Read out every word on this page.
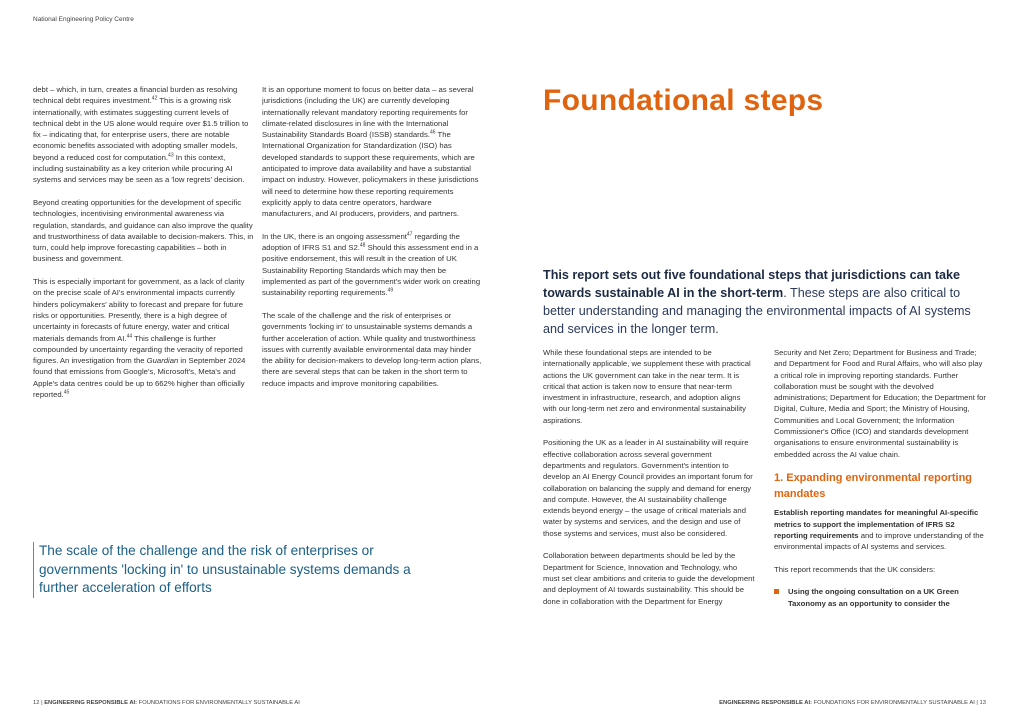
National Engineering Policy Centre

debt – which, in turn, creates a financial burden as resolving technical debt requires investment.$^{42}$ This is a growing risk internationally, with estimates suggesting current levels of technical debt in the US alone would require over $1.5 trillion to fix – indicating that, for enterprise users, there are notable economic benefits associated with adopting smaller models, beyond a reduced cost for computation.$^{43}$ In this context, including sustainability as a key criterion while procuring AI systems and services may be seen as a 'low regrets' decision.

Beyond creating opportunities for the development of specific technologies, incentivising environmental awareness via regulation, standards, and guidance can also improve the quality and trustworthiness of data available to decision-makers. This, in turn, could help improve forecasting capabilities – both in business and government.

This is especially important for government, as a lack of clarity on the precise scale of AI's environmental impacts currently hinders policymakers' ability to forecast and prepare for future risks or opportunities. Presently, there is a high degree of uncertainty in forecasts of future energy, water and critical materials demands from AI.$^{44}$ This challenge is further compounded by uncertainty regarding the veracity of reported figures. An investigation from the Guardian in September 2024 found that emissions from Google's, Microsoft's, Meta's and Apple's data centres could be up to 662% higher than officially reported.$^{45}$

It is an opportune moment to focus on better data – as several jurisdictions (including the UK) are currently developing internationally relevant mandatory reporting requirements for climate-related disclosures in line with the International Sustainability Standards Board (ISSB) standards.$^{46}$ The International Organization for Standardization (ISO) has developed standards to support these requirements, which are anticipated to improve data availability and have a substantial impact on industry. However, policymakers in these jurisdictions will need to determine how these reporting requirements explicitly apply to data centre operators, hardware manufacturers, and AI producers, providers, and partners.

In the UK, there is an ongoing assessment$^{47}$ regarding the adoption of IFRS S1 and S2.48 Should this assessment end in a positive endorsement, this will result in the creation of UK Sustainability Reporting Standards which may then be implemented as part of the government's wider work on creating sustainability reporting requirements.$^{49}$

The scale of the challenge and the risk of enterprises or governments 'locking in' to unsustainable systems demands a further acceleration of action. While quality and trustworthiness issues with currently available environmental data may hinder the ability for decision-makers to develop long-term action plans, there are several steps that can be taken in the short term to reduce impacts and improve monitoring capabilities.

The scale of the challenge and the risk of enterprises or governments 'locking in' to unsustainable systems demands a further acceleration of efforts
12 | ENGINEERING RESPONSIBLE AI: FOUNDATIONS FOR ENVIRONMENTALLY SUSTAINABLE AI
Foundational steps
This report sets out five foundational steps that jurisdictions can take towards sustainable AI in the short-term. These steps are also critical to better understanding and managing the environmental impacts of AI systems and services in the longer term.

While these foundational steps are intended to be internationally applicable, we supplement these with practical actions the UK government can take in the near term. It is critical that action is taken now to ensure that near-term investment in infrastructure, research, and adoption aligns with our long-term net zero and environmental sustainability aspirations.

Positioning the UK as a leader in AI sustainability will require effective collaboration across several government departments and regulators. Government's intention to develop an AI Energy Council provides an important forum for collaboration on balancing the supply and demand for energy and compute. However, the AI sustainability challenge extends beyond energy – the usage of critical materials and water by systems and services, and the design and use of those systems and services, must also be considered.

Collaboration between departments should be led by the Department for Science, Innovation and Technology, who must set clear ambitions and criteria to guide the development and deployment of AI towards sustainability. This should be done in collaboration with the Department for Energy

Security and Net Zero; Department for Business and Trade; and Department for Food and Rural Affairs, who will also play a critical role in improving reporting standards. Further collaboration must be sought with the devolved administrations; Department for Education; the Department for Digital, Culture, Media and Sport; the Ministry of Housing, Communities and Local Government; the Information Commissioner's Office (ICO) and standards development organisations to ensure environmental sustainability is embedded across the AI value chain.

1. Expanding environmental reporting mandates

Establish reporting mandates for meaningful AI-specific metrics to support the implementation of IFRS S2 reporting requirements and to improve understanding of the environmental impacts of AI systems and services.

This report recommends that the UK considers:

Using the ongoing consultation on a UK Green Taxonomy as an opportunity to consider the
ENGINEERING RESPONSIBLE AI: FOUNDATIONS FOR ENVIRONMENTALLY SUSTAINABLE AI | 13
